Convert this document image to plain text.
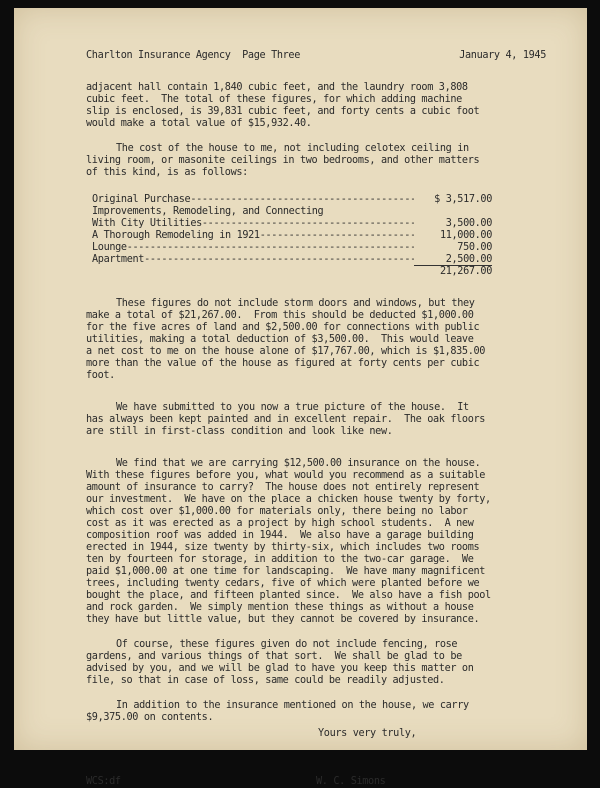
Charlton Insurance Agency  Page Three	January 4, 1945
adjacent hall contain 1,840 cubic feet, and the laundry room 3,808
cubic feet.  The total of these figures, for which adding machine
slip is enclosed, is 39,831 cubic feet, and forty cents a cubic foot
would make a total value of $15,932.40.
The cost of the house to me, not including celotex ceiling in
living room, or masonite ceilings in two bedrooms, and other matters
of this kind, is as follows:
Original Purchase -----	$ 3,517.00
Improvements, Remodeling, and Connecting
With City Utilities -----	3,500.00
A Thorough Remodeling in 1921 -----	11,000.00
Lounge -----	750.00
Apartment -----	2,500.00
21,267.00
These figures do not include storm doors and windows, but they
make a total of $21,267.00.  From this should be deducted $1,000.00
for the five acres of land and $2,500.00 for connections with public
utilities, making a total deduction of $3,500.00.  This would leave
a net cost to me on the house alone of $17,767.00, which is $1,835.00
more than the value of the house as figured at forty cents per cubic
foot.
We have submitted to you now a true picture of the house.  It
has always been kept painted and in excellent repair.  The oak floors
are still in first-class condition and look like new.
We find that we are carrying $12,500.00 insurance on the house.
With these figures before you, what would you recommend as a suitable
amount of insurance to carry?  The house does not entirely represent
our investment.  We have on the place a chicken house twenty by forty,
which cost over $1,000.00 for materials only, there being no labor
cost as it was erected as a project by high school students.  A new
composition roof was added in 1944.  We also have a garage building
erected in 1944, size twenty by thirty-six, which includes two rooms
ten by fourteen for storage, in addition to the two-car garage.  We
paid $1,000.00 at one time for landscaping.  We have many magnificent
trees, including twenty cedars, five of which were planted before we
bought the place, and fifteen planted since.  We also have a fish pool
and rock garden.  We simply mention these things as without a house
they have but little value, but they cannot be covered by insurance.
Of course, these figures given do not include fencing, rose
gardens, and various things of that sort.  We shall be glad to be
advised by you, and we will be glad to have you keep this matter on
file, so that in case of loss, same could be readily adjusted.
In addition to the insurance mentioned on the house, we carry
$9,375.00 on contents.
Yours very truly,
WCS:df	W. C. Simons
